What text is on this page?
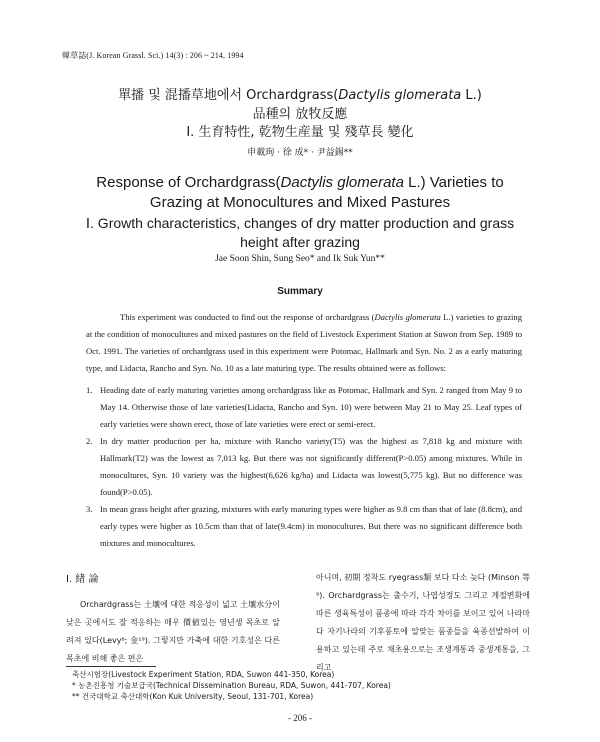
韓草誌(J. Korean Grassl. Sci.) 14(3) : 206 ~ 214, 1994
單播 및 混播草地에서 Orchardgrass(Dactylis glomerata L.)
品種의 放牧反應
Ⅰ. 生育特性, 乾物生産量 및 殘草長 變化
申載珣 · 徐 成* · 尹益錫**
Response of Orchardgrass(Dactylis glomerata L.) Varieties to
Grazing at Monocultures and Mixed Pastures
Ⅰ. Growth characteristics, changes of dry matter production and grass
height after grazing
Jae Soon Shin, Sung Seo* and Ik Suk Yun**
Summary
This experiment was conducted to find out the response of orchardgrass (Dactylis glomerata L.) varieties to grazing at the condition of monocultures and mixed pastures on the field of Livestock Experiment Station at Suwon from Sep. 1989 to Oct. 1991. The varieties of orchardgrass used in this experiment were Potomac, Hallmark and Syn. No. 2 as a early maturing type, and Lidacta, Rancho and Syn. No. 10 as a late maturing type. The results obtained were as follows:
1. Heading date of early maturing varieties among orchardgrass like as Potomac, Hallmark and Syn. 2 ranged from May 9 to May 14. Otherwise those of late varieties(Lidacta, Rancho and Syn. 10) were between May 21 to May 25. Leaf types of early varieties were shown erect, those of late varieties were erect or semi-erect.
2. In dry matter production per ha, mixture with Rancho variety(T5) was the highest as 7,818 kg and mixture with Hallmark(T2) was the lowest as 7,013 kg. But there was not significantly different(P>0.05) among mixtures. While in monocultures, Syn. 10 variety was the highest(6,626 kg/ha) and Lidacta was lowest(5,775 kg). But no difference was found(P>0.05).
3. In mean grass height after grazing, mixtures with early maturing types were higher as 9.8 cm than that of late (8.8cm), and early types were higher as 10.5cm than that of late(9.4cm) in monocultures. But there was no significant difference both mixtures and monocultures.
Ⅰ. 緖 論
Orchardgrass는 土壤에 대한 적응성이 넓고 土壤水分이 낮은 곳에서도 잘 적응하는 매우 價値있는 영년생 목초로 알려져 있다(Levy⁸; 金¹⁹). 그렇지만 가축에 대한 기호성은 다른 목초에 비해 좋은 편은
아니며, 初期 정착도 ryegrass類 보다 다소 늦다 (Minson 等⁹). Orchardgrass는 출수기, 나엽성정도 그리고 계절변화에 따른 생육특성이 품종에 따라 각각 차이를 보이고 있어 나라마다 자기나라의 기후풍토에 알맞는 품종들을 육종선발하여 이용하고 있는데 주로 채초용으로는 조생계통과 중생계통을, 그리고
축산시험장(Livestock Experiment Station, RDA, Suwon 441-350, Korea)
* 농촌진흥청 기술보급국(Technical Dissemination Bureau, RDA, Suwon, 441-707, Korea)
** 건국대학교 축산대학(Kon Kuk University, Seoul, 131-701, Korea)
- 206 -
